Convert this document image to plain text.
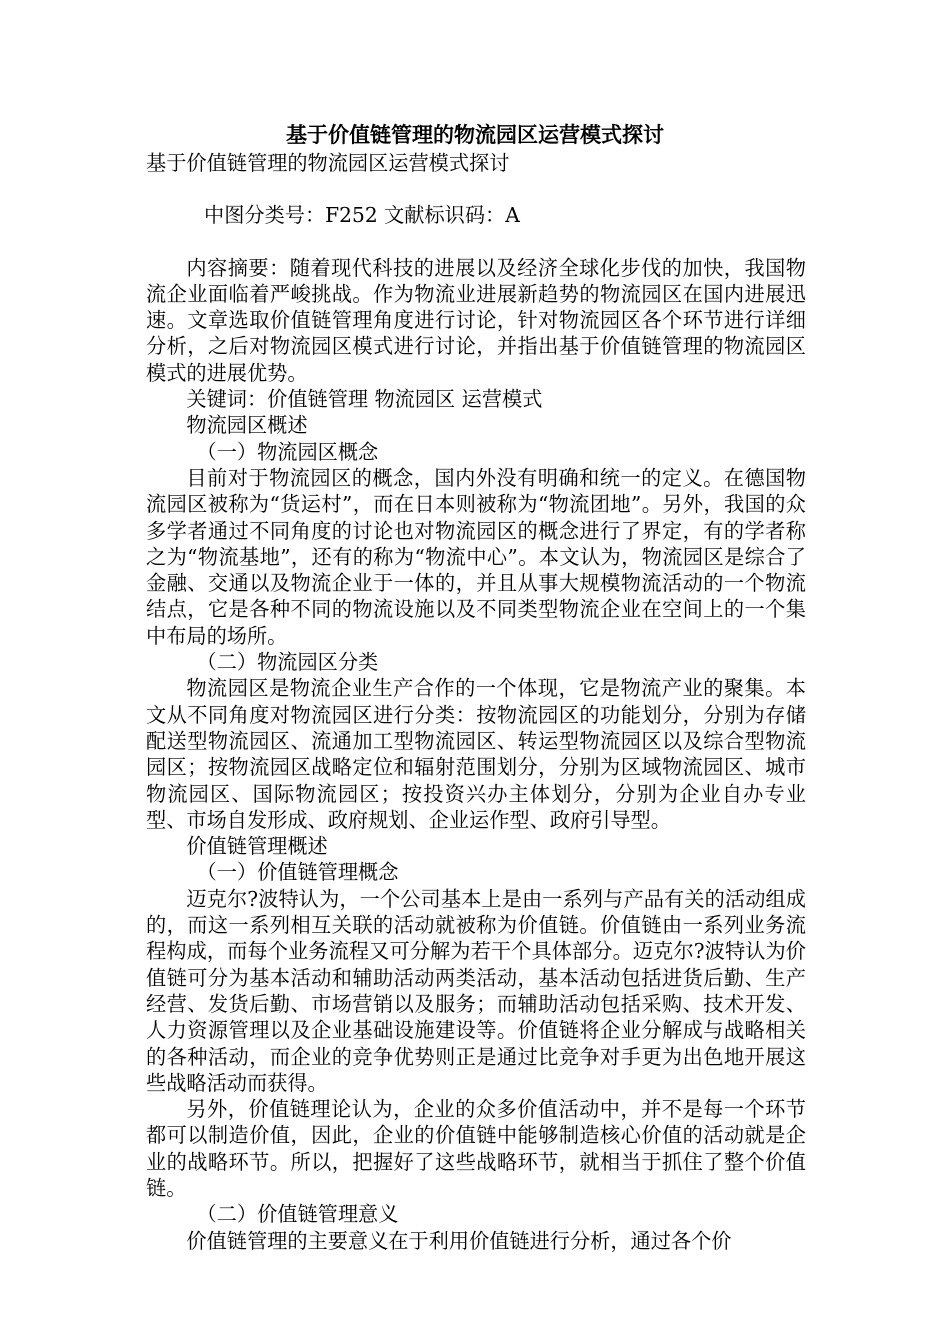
基于价值链管理的物流园区运营模式探讨

基于价值链管理的物流园区运营模式探讨

中图分类号：F252 文献标识码：A

内容摘要：随着现代科技的进展以及经济全球化步伐的加快，我国物流企业面临着严峻挑战。作为物流业进展新趋势的物流园区在国内进展迅速。文章选取价值链管理角度进行讨论，针对物流园区各个环节进行详细分析，之后对物流园区模式进行讨论，并指出基于价值链管理的物流园区模式的进展优势。

关键词：价值链管理 物流园区 运营模式

物流园区概述

（一）物流园区概念

目前对于物流园区的概念，国内外没有明确和统一的定义。在德国物流园区被称为“货运村”，而在日本则被称为“物流团地”。另外，我国的众多学者通过不同角度的讨论也对物流园区的概念进行了界定，有的学者称之为“物流基地”，还有的称为“物流中心”。本文认为，物流园区是综合了金融、交通以及物流企业于一体的，并且从事大规模物流活动的一个物流结点，它是各种不同的物流设施以及不同类型物流企业在空间上的一个集中布局的场所。

（二）物流园区分类

物流园区是物流企业生产合作的一个体现，它是物流产业的聚集。本文从不同角度对物流园区进行分类：按物流园区的功能划分，分别为存储配送型物流园区、流通加工型物流园区、转运型物流园区以及综合型物流园区；按物流园区战略定位和辐射范围划分，分别为区域物流园区、城市物流园区、国际物流园区；按投资兴办主体划分，分别为企业自办专业型、市场自发形成、政府规划、企业运作型、政府引导型。

价值链管理概述

（一）价值链管理概念

迈克尔?波特认为，一个公司基本上是由一系列与产品有关的活动组成的，而这一系列相互关联的活动就被称为价值链。价值链由一系列业务流程构成，而每个业务流程又可分解为若干个具体部分。迈克尔?波特认为价值链可分为基本活动和辅助活动两类活动，基本活动包括进货后勤、生产经营、发货后勤、市场营销以及服务；而辅助活动包括采购、技术开发、人力资源管理以及企业基础设施建设等。价值链将企业分解成与战略相关的各种活动，而企业的竞争优势则正是通过比竞争对手更为出色地开展这些战略活动而获得。

另外，价值链理论认为，企业的众多价值活动中，并不是每一个环节都可以制造价值，因此，企业的价值链中能够制造核心价值的活动就是企业的战略环节。所以，把握好了这些战略环节，就相当于抓住了整个价值链。

（二）价值链管理意义

价值链管理的主要意义在于利用价值链进行分析，通过各个价
